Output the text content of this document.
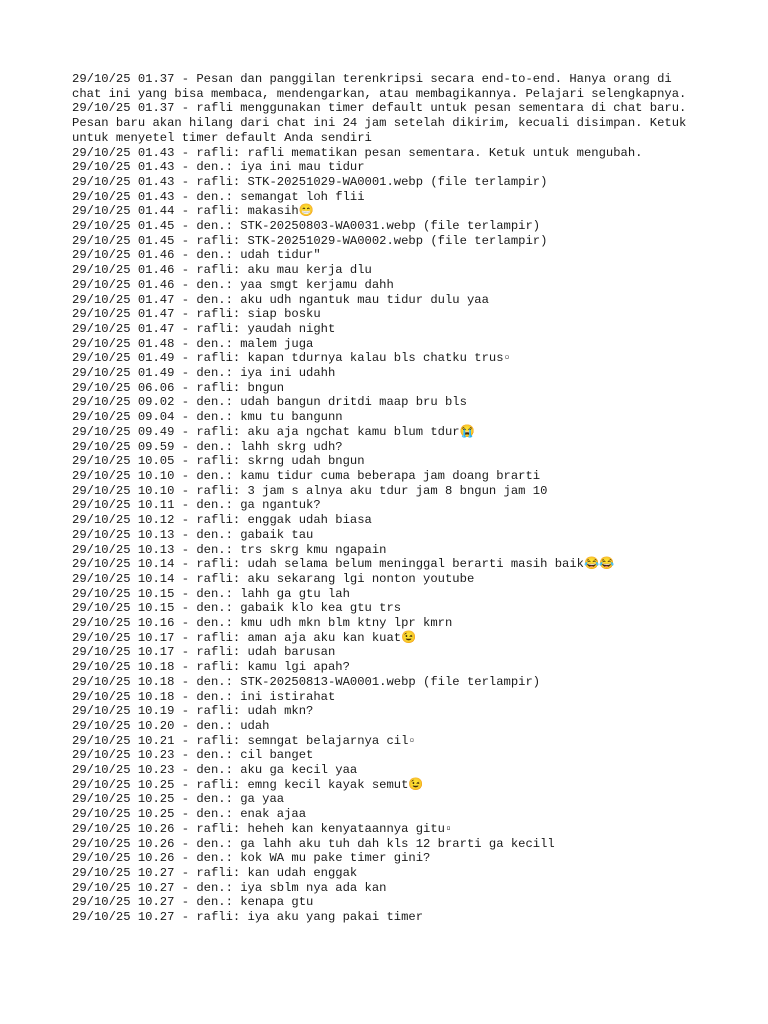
29/10/25 01.37 - Pesan dan panggilan terenkripsi secara end-to-end. Hanya orang di chat ini yang bisa membaca, mendengarkan, atau membagikannya. Pelajari selengkapnya.
29/10/25 01.37 - rafli menggunakan timer default untuk pesan sementara di chat baru. Pesan baru akan hilang dari chat ini 24 jam setelah dikirim, kecuali disimpan. Ketuk untuk menyetel timer default Anda sendiri
29/10/25 01.43 - rafli: rafli mematikan pesan sementara. Ketuk untuk mengubah.
29/10/25 01.43 - den.: iya ini mau tidur
29/10/25 01.43 - rafli: STK-20251029-WA0001.webp (file terlampir)
29/10/25 01.43 - den.: semangat loh flii
29/10/25 01.44 - rafli: makasih😁
29/10/25 01.45 - den.: STK-20250803-WA0031.webp (file terlampir)
29/10/25 01.45 - rafli: STK-20251029-WA0002.webp (file terlampir)
29/10/25 01.46 - den.: udah tidur"
29/10/25 01.46 - rafli: aku mau kerja dlu
29/10/25 01.46 - den.: yaa smgt kerjamu dahh
29/10/25 01.47 - den.: aku udh ngantuk mau tidur dulu yaa
29/10/25 01.47 - rafli: siap bosku
29/10/25 01.47 - rafli: yaudah night
29/10/25 01.48 - den.: malem juga
29/10/25 01.49 - rafli: kapan tdurnya kalau bls chatku trus▫
29/10/25 01.49 - den.: iya ini udahh
29/10/25 06.06 - rafli: bngun
29/10/25 09.02 - den.: udah bangun dritdi maap bru bls
29/10/25 09.04 - den.: kmu tu bangunn
29/10/25 09.49 - rafli: aku aja ngchat kamu blum tdur😭
29/10/25 09.59 - den.: lahh skrg udh?
29/10/25 10.05 - rafli: skrng udah bngun
29/10/25 10.10 - den.: kamu tidur cuma beberapa jam doang brarti
29/10/25 10.10 - rafli: 3 jam s alnya aku tdur jam 8 bngun jam 10
29/10/25 10.11 - den.: ga ngantuk?
29/10/25 10.12 - rafli: enggak udah biasa
29/10/25 10.13 - den.: gabaik tau
29/10/25 10.13 - den.: trs skrg kmu ngapain
29/10/25 10.14 - rafli: udah selama belum meninggal berarti masih baik😂😂
29/10/25 10.14 - rafli: aku sekarang lgi nonton youtube
29/10/25 10.15 - den.: lahh ga gtu lah
29/10/25 10.15 - den.: gabaik klo kea gtu trs
29/10/25 10.16 - den.: kmu udh mkn blm ktny lpr kmrn
29/10/25 10.17 - rafli: aman aja aku kan kuat😉
29/10/25 10.17 - rafli: udah barusan
29/10/25 10.18 - rafli: kamu lgi apah?
29/10/25 10.18 - den.: STK-20250813-WA0001.webp (file terlampir)
29/10/25 10.18 - den.: ini istirahat
29/10/25 10.19 - rafli: udah mkn?
29/10/25 10.20 - den.: udah
29/10/25 10.21 - rafli: semngat belajarnya cil▫
29/10/25 10.23 - den.: cil banget
29/10/25 10.23 - den.: aku ga kecil yaa
29/10/25 10.25 - rafli: emng kecil kayak semut😉
29/10/25 10.25 - den.: ga yaa
29/10/25 10.25 - den.: enak ajaa
29/10/25 10.26 - rafli: heheh kan kenyataannya gitu▫
29/10/25 10.26 - den.: ga lahh aku tuh dah kls 12 brarti ga kecill
29/10/25 10.26 - den.: kok WA mu pake timer gini?
29/10/25 10.27 - rafli: kan udah enggak
29/10/25 10.27 - den.: iya sblm nya ada kan
29/10/25 10.27 - den.: kenapa gtu
29/10/25 10.27 - rafli: iya aku yang pakai timer
